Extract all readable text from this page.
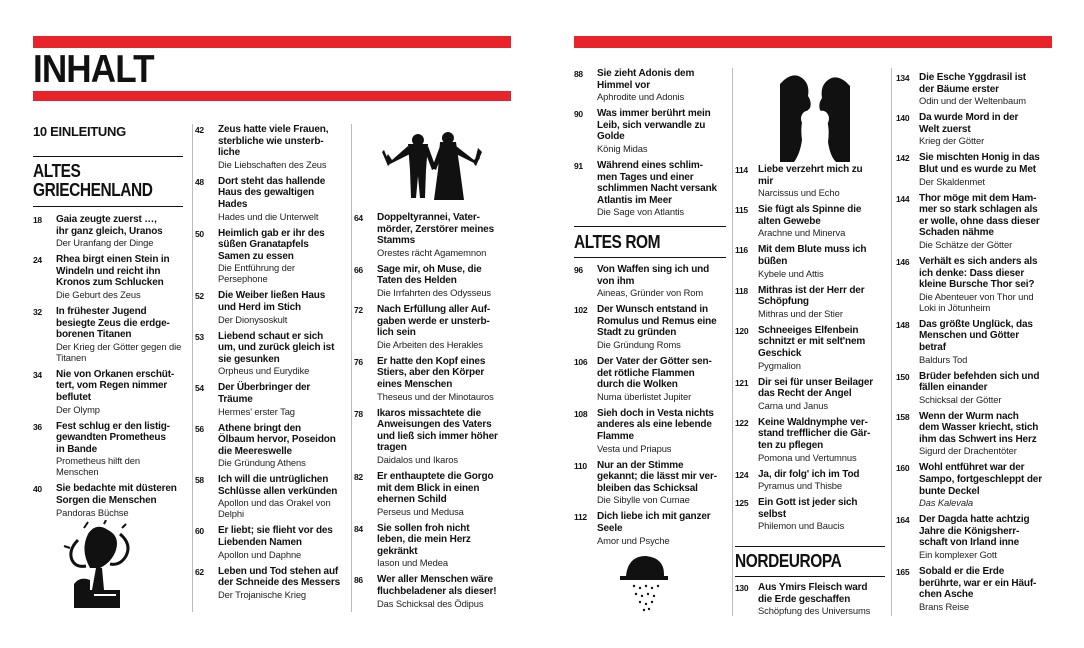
INHALT
10 EINLEITUNG
ALTES
GRIECHENLAND
18 Gaia zeugte zuerst …,
ihr ganz gleich, Uranos
Der Uranfang der Dinge
24 Rhea birgt einen Stein in
Windeln und reicht ihn
Kronos zum Schlucken
Die Geburt des Zeus
32 In frühester Jugend
besiegte Zeus die erdge-
borenen Titanen
Der Krieg der Götter gegen die
Titanen
34 Nie von Orkanen erschüt-
tert, vom Regen nimmer
beflutet
Der Olymp
36 Fest schlug er den listig-
gewandten Prometheus
in Bande
Prometheus hilft den
Menschen
40 Sie bedachte mit düsteren
Sorgen die Menschen
Pandoras Büchse
42 Zeus hatte viele Frauen,
sterbliche wie unsterb-
liche
Die Liebschaften des Zeus
48 Dort steht das hallende
Haus des gewaltigen
Hades
Hades und die Unterwelt
50 Heimlich gab er ihr des
süßen Granatapfels
Samen zu essen
Die Entführung der
Persephone
52 Die Weiber ließen Haus
und Herd im Stich
Der Dionysoskult
53 Liebend schaut er sich
um, und zurück gleich ist
sie gesunken
Orpheus und Eurydike
54 Der Überbringer der
Träume
Hermes' erster Tag
56 Athene bringt den
Ölbaum hervor, Poseidon
die Meereswelle
Die Gründung Athens
58 Ich will die untrüglichen
Schlüsse allen verkünden
Apollon und das Orakel von
Delphi
60 Er liebt; sie flieht vor des
Liebenden Namen
Apollon und Daphne
62 Leben und Tod stehen auf
der Schneide des Messers
Der Trojanische Krieg
64 Doppeltyrannei, Vater-
mörder, Zerstörer meines
Stamms
Orestes rächt Agamemnon
66 Sage mir, oh Muse, die
Taten des Helden
Die Irrfahrten des Odysseus
72 Nach Erfüllung aller Auf-
gaben werde er unsterb-
lich sein
Die Arbeiten des Herakles
76 Er hatte den Kopf eines
Stiers, aber den Körper
eines Menschen
Theseus und der Minotauros
78 Ikaros missachtete die
Anweisungen des Vaters
und ließ sich immer höher
tragen
Daidalos und Ikaros
82 Er enthauptete die Gorgo
mit dem Blick in einen
ehernen Schild
Perseus und Medusa
84 Sie sollen froh nicht
leben, die mein Herz
gekränkt
Iason und Medea
86 Wer aller Menschen wäre
fluchbeladener als dieser!
Das Schicksal des Ödipus
88 Sie zieht Adonis dem
Himmel vor
Aphrodite und Adonis
90 Was immer berührt mein
Leib, sich verwandle zu
Golde
König Midas
91 Während eines schlim-
men Tages und einer
schlimmen Nacht versank
Atlantis im Meer
Die Sage von Atlantis
ALTES ROM
96 Von Waffen sing ich und
von ihm
Aineas, Gründer von Rom
102 Der Wunsch entstand in
Romulus und Remus eine
Stadt zu gründen
Die Gründung Roms
106 Der Vater der Götter sen-
det rötliche Flammen
durch die Wolken
Numa überlistet Jupiter
108 Sieh doch in Vesta nichts
anderes als eine lebende
Flamme
Vesta und Priapus
110 Nur an der Stimme
gekannt; die lässt mir ver-
bleiben das Schicksal
Die Sibylle von Cumae
112 Dich liebe ich mit ganzer
Seele
Amor und Psyche
114 Liebe verzehrt mich zu
mir
Narcissus und Echo
115 Sie fügt als Spinne die
alten Gewebe
Arachne und Minerva
116 Mit dem Blute muss ich
büßen
Kybele und Attis
118 Mithras ist der Herr der
Schöpfung
Mithras und der Stier
120 Schneeiges Elfenbein
schnitzt er mit selt'nem
Geschick
Pygmalion
121 Dir sei für unser Beilager
das Recht der Angel
Carna und Janus
122 Keine Waldnymphe ver-
stand trefflicher die Gär-
ten zu pflegen
Pomona und Vertumnus
124 Ja, dir folg' ich im Tod
Pyramus und Thisbe
125 Ein Gott ist jeder sich
selbst
Philemon und Baucis
NORDEUROPA
130 Aus Ymirs Fleisch ward
die Erde geschaffen
Schöpfung des Universums
134 Die Esche Yggdrasil ist
der Bäume erster
Odin und der Weltenbaum
140 Da wurde Mord in der
Welt zuerst
Krieg der Götter
142 Sie mischten Honig in das
Blut und es wurde zu Met
Der Skaldenmet
144 Thor möge mit dem Ham-
mer so stark schlagen als
er wolle, ohne dass dieser
Schaden nähme
Die Schätze der Götter
146 Verhält es sich anders als
ich denke: Dass dieser
kleine Bursche Thor sei?
Die Abenteuer von Thor und
Loki in Jötunheim
148 Das größte Unglück, das
Menschen und Götter
betraf
Baldurs Tod
150 Brüder befehden sich und
fällen einander
Schicksal der Götter
158 Wenn der Wurm nach
dem Wasser kriecht, stich
ihm das Schwert ins Herz
Sigurd der Drachentöter
160 Wohl entführet war der
Sampo, fortgeschleppt der
bunte Deckel
Das Kalevala
164 Der Dagda hatte achtzig
Jahre die Königsherr-
schaft von Irland inne
Ein komplexer Gott
165 Sobald er die Erde
berührte, war er ein Häuf-
chen Asche
Brans Reise
